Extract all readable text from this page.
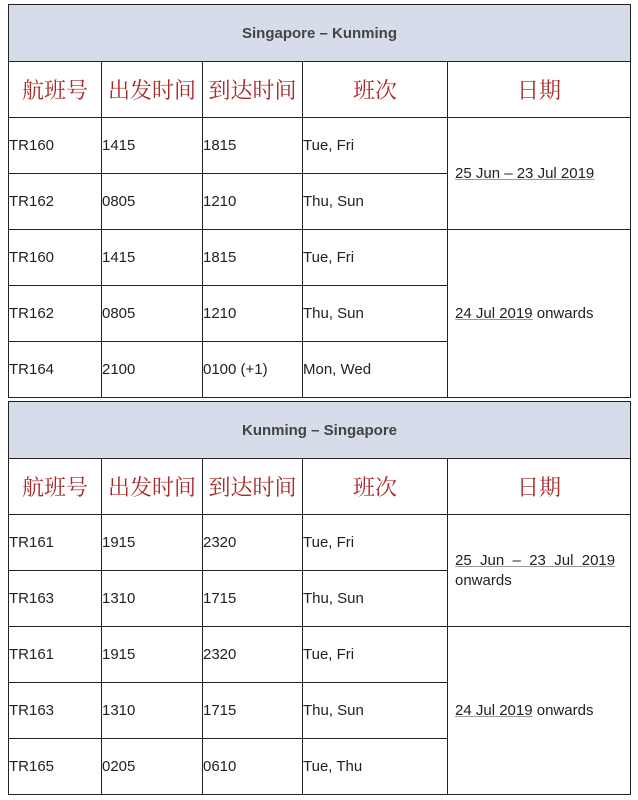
Singapore – Kunming				
航班号	出发时间	到达时间	班次	日期
TR160	1415	1815	Tue, Fri	25 Jun – 23 Jul 2019
TR162	0805	1210	Thu, Sun	
TR160	1415	1815	Tue, Fri	24 Jul 2019 onwards
TR162	0805	1210	Thu, Sun	
TR164	2100	0100 (+1)	Mon, Wed	
Kunming – Singapore				
航班号	出发时间	到达时间	班次	日期
TR161	1915	2320	Tue, Fri	25  Jun  –  23  Jul  2019 onwards
TR163	1310	1715	Thu, Sun	
TR161	1915	2320	Tue, Fri	24 Jul 2019 onwards
TR163	1310	1715	Thu, Sun	
TR165	0205	0610	Tue, Thu	
